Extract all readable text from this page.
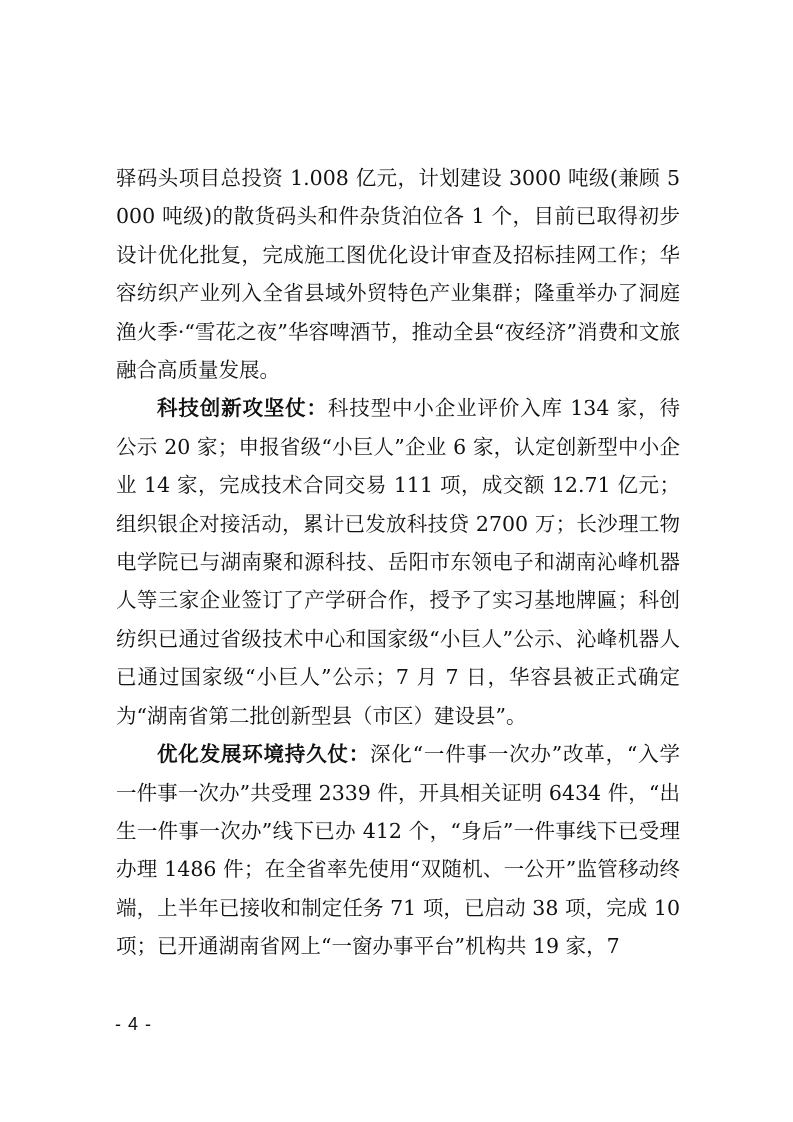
驿码头项目总投资 1.008 亿元，计划建设 3000 吨级(兼顾 5000 吨级)的散货码头和件杂货泊位各 1 个，目前已取得初步设计优化批复，完成施工图优化设计审查及招标挂网工作；华容纺织产业列入全省县域外贸特色产业集群；隆重举办了洞庭渔火季·“雪花之夜”华容啤酒节，推动全县“夜经济”消费和文旅融合高质量发展。

科技创新攻坚仗：科技型中小企业评价入库 134 家，待公示 20 家；申报省级“小巨人”企业 6 家，认定创新型中小企业 14 家，完成技术合同交易 111 项，成交额 12.71 亿元；组织银企对接活动，累计已发放科技贷 2700 万；长沙理工物电学院已与湖南聚和源科技、岳阳市东领电子和湖南沁峰机器人等三家企业签订了产学研合作，授予了实习基地牌匾；科创纺织已通过省级技术中心和国家级“小巨人”公示、沁峰机器人已通过国家级“小巨人”公示；7 月 7 日，华容县被正式确定为“湖南省第二批创新型县（市区）建设县”。

优化发展环境持久仗：深化“一件事一次办”改革，“入学一件事一次办”共受理 2339 件，开具相关证明 6434 件，“出生一件事一次办”线下已办 412 个，“身后”一件事线下已受理办理 1486 件；在全省率先使用“双随机、一公开”监管移动终端，上半年已接收和制定任务 71 项，已启动 38 项，完成 10 项；已开通湖南省网上“一窗办事平台”机构共 19 家，7

- 4 -
